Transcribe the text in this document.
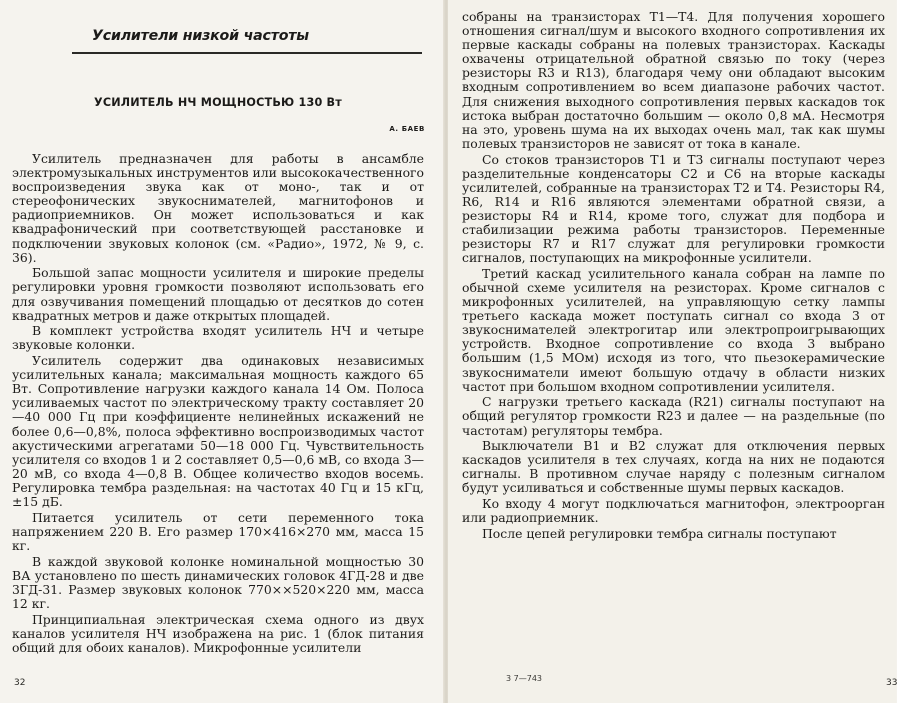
Усилители низкой частоты
УСИЛИТЕЛЬ НЧ МОЩНОСТЬЮ 130 Вт
А. БАЕВ

Усилитель предназначен для работы в ансамбле электромузыкальных инструментов или высококачественного воспроизведения звука как от моно-, так и от стереофонических звукоснимателей, магнитофонов и радиоприемников. Он может использоваться и как квадрафонический при соответствующей расстановке и подключении звуковых колонок (см. «Радио», 1972, № 9, с. 36).

Большой запас мощности усилителя и широкие пределы регулировки уровня громкости позволяют использовать его для озвучивания помещений площадью от десятков до сотен квадратных метров и даже открытых площадей.

В комплект устройства входят усилитель НЧ и четыре звуковые колонки.

Усилитель содержит два одинаковых независимых усилительных канала; максимальная мощность каждого 65 Вт. Сопротивление нагрузки каждого канала 14 Ом. Полоса усиливаемых частот по электрическому тракту составляет 20—40 000 Гц при коэффициенте нелинейных искажений не более 0,6—0,8%, полоса эффективно воспроизводимых частот акустическими агрегатами 50—18 000 Гц. Чувствительность усилителя со входов 1 и 2 составляет 0,5—0,6 мВ, со входа 3—20 мВ, со входа 4—0,8 В. Общее количество входов восемь. Регулировка тембра раздельная: на частотах 40 Гц и 15 кГц, ±15 дБ.

Питается усилитель от сети переменного тока напряжением 220 В. Его размер 170×416×270 мм, масса 15 кг.

В каждой звуковой колонке номинальной мощностью 30 ВА установлено по шесть динамических головок 4ГД-28 и две 3ГД-31. Размер звуковых колонок 770××520×220 мм, масса 12 кг.

Принципиальная электрическая схема одного из двух каналов усилителя НЧ изображена на рис. 1 (блок питания общий для обоих каналов). Микрофонные усилители

32

собраны на транзисторах Т1—Т4. Для получения хорошего отношения сигнал/шум и высокого входного сопротивления их первые каскады собраны на полевых транзисторах. Каскады охвачены отрицательной обратной связью по току (через резисторы R3 и R13), благодаря чему они обладают высоким входным сопротивлением во всем диапазоне рабочих частот. Для снижения выходного сопротивления первых каскадов ток истока выбран достаточно большим — около 0,8 мА. Несмотря на это, уровень шума на их выходах очень мал, так как шумы полевых транзисторов не зависят от тока в канале.

Со стоков транзисторов Т1 и Т3 сигналы поступают через разделительные конденсаторы С2 и С6 на вторые каскады усилителей, собранные на транзисторах Т2 и Т4. Резисторы R4, R6, R14 и R16 являются элементами обратной связи, а резисторы R4 и R14, кроме того, служат для подбора и стабилизации режима работы транзисторов. Переменные резисторы R7 и R17 служат для регулировки громкости сигналов, поступающих на микрофонные усилители.

Третий каскад усилительного канала собран на лампе по обычной схеме усилителя на резисторах. Кроме сигналов с микрофонных усилителей, на управляющую сетку лампы третьего каскада может поступать сигнал со входа 3 от звукоснимателей электрогитар или электропроигрывающих устройств. Входное сопротивление со входа 3 выбрано большим (1,5 МОм) исходя из того, что пьезокерамические звукосниматели имеют большую отдачу в области низких частот при большом входном сопротивлении усилителя.

С нагрузки третьего каскада (R21) сигналы поступают на общий регулятор громкости R23 и далее — на раздельные (по частотам) регуляторы тембра.

Выключатели В1 и В2 служат для отключения первых каскадов усилителя в тех случаях, когда на них не подаются сигналы. В противном случае наряду с полезным сигналом будут усиливаться и собственные шумы первых каскадов.

Ко входу 4 могут подключаться магнитофон, электроорган или радиоприемник.

После цепей регулировки тембра сигналы поступают

3 7—743	33
